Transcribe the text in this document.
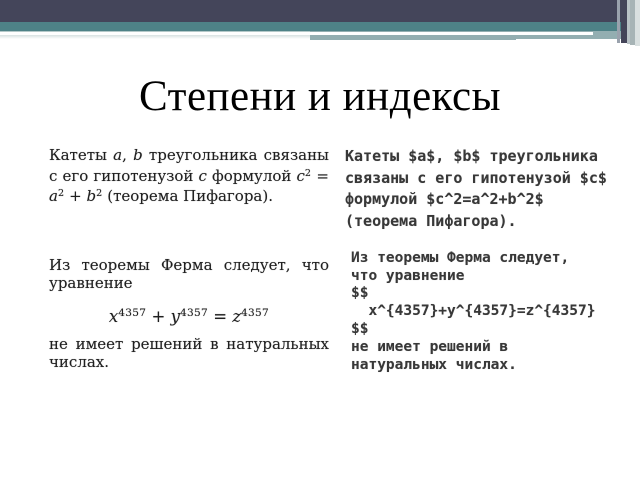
Степени и индексы
Катеты a, b треугольника связаны
с его гипотенузой c формулой $c^2$ =
$a^2 + b^2$ (теорема Пифагора).
Из теоремы Ферма следует, что
уравнение
$x^{4357} + y^{4357} = z^{4357}$
не имеет решений в натуральных
числах.
Катеты $a$, $b$ треугольника
связаны с его гипотенузой $c$
формулой $c^2=a^2+b^2$
(теорема Пифагора).
Из теоремы Ферма следует,
что уравнение
$$
x^{4357}+y^{4357}=z^{4357}
$$
не имеет решений в
натуральных числах.
